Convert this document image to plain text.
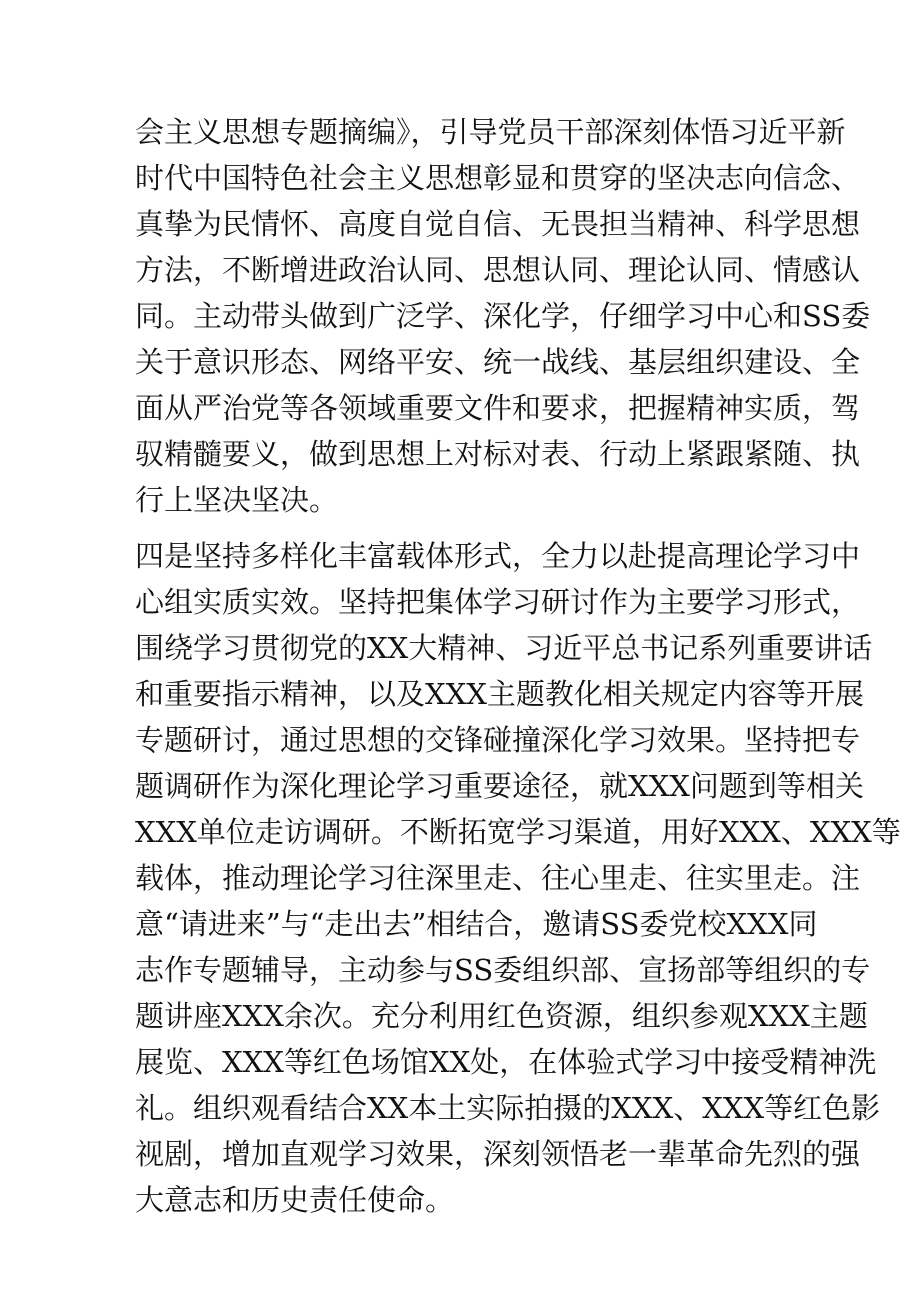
会主义思想专题摘编》，引导党员干部深刻体悟习近平新
时代中国特色社会主义思想彰显和贯穿的坚决志向信念、
真挚为民情怀、高度自觉自信、无畏担当精神、科学思想
方法，不断增进政治认同、思想认同、理论认同、情感认
同。主动带头做到广泛学、深化学，仔细学习中心和SS委
关于意识形态、网络平安、统一战线、基层组织建设、全
面从严治党等各领域重要文件和要求，把握精神实质，驾
驭精髓要义，做到思想上对标对表、行动上紧跟紧随、执
行上坚决坚决。
四是坚持多样化丰富载体形式，全力以赴提高理论学习中
心组实质实效。坚持把集体学习研讨作为主要学习形式，
围绕学习贯彻党的XX大精神、习近平总书记系列重要讲话
和重要指示精神，以及XXX主题教化相关规定内容等开展
专题研讨，通过思想的交锋碰撞深化学习效果。坚持把专
题调研作为深化理论学习重要途径，就XXX问题到等相关
XXX单位走访调研。不断拓宽学习渠道，用好XXX、XXX等
载体，推动理论学习往深里走、往心里走、往实里走。注
意“请进来”与“走出去”相结合，邀请SS委党校XXX同
志作专题辅导，主动参与SS委组织部、宣扬部等组织的专
题讲座XXX余次。充分利用红色资源，组织参观XXX主题
展览、XXX等红色场馆XX处，在体验式学习中接受精神洗
礼。组织观看结合XX本土实际拍摄的XXX、XXX等红色影
视剧，增加直观学习效果，深刻领悟老一辈革命先烈的强
大意志和历史责任使命。
